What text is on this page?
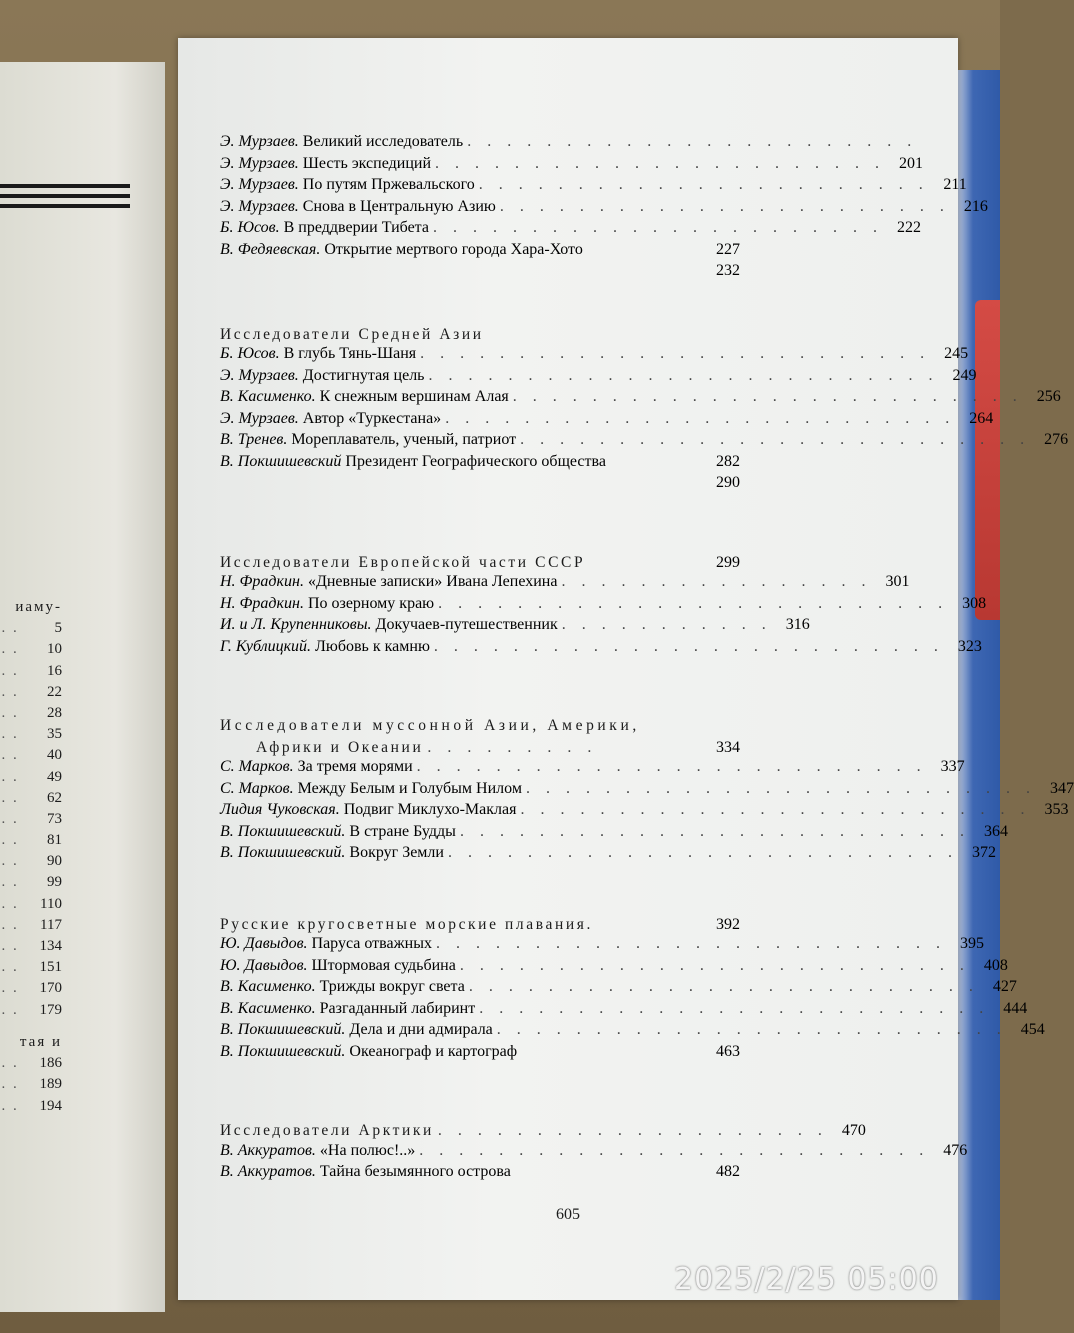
иаму-
. . . 5
. . . 10
. . . 16
. . . 22
. . . 28
. . . 35
. . . 40
. . . 49
. . . 62
. . . 73
. . . 81
. . . 90
. . . 99
. . . 110
. . . 117
. . . 134
. . . 151
. . . 170
. . . 179
тая и
. . . 186
. . . 189
. . . 194
Э. Мурзаев. Великий исследователь . . . . . . . . . . . . . . . . . . . . . . .
Э. Мурзаев. Шесть экспедиций . . . . . . . . . . . . . . . . . . . . . . . 201
Э. Мурзаев. По путям Пржевальского . . . . . . . . . . . . . . . . . . . . . . . 211
Э. Мурзаев. Снова в Центральную Азию . . . . . . . . . . . . . . . . . . . . . . . 216
Б. Юсов. В преддверии Тибета . . . . . . . . . . . . . . . . . . . . . . . 222
В. Федяевская. Открытие мертвого города Хара-Хото	227
232
Исследователи Средней Азии
Б. Юсов. В глубь Тянь-Шаня . . . . . . . . . . . . . . . . . . . . . . . . . . 245
Э. Мурзаев. Достигнутая цель . . . . . . . . . . . . . . . . . . . . . . . . . . 249
В. Касименко. К снежным вершинам Алая . . . . . . . . . . . . . . . . . . . . . . . . . . 256
Э. Мурзаев. Автор «Туркестана» . . . . . . . . . . . . . . . . . . . . . . . . . . 264
В. Тренев. Мореплаватель, ученый, патриот . . . . . . . . . . . . . . . . . . . . . . . . . . 276
В. Покшишевский Президент Географического общества	282
290
Исследователи Европейской части СССР	299
Н. Фрадкин. «Дневные записки» Ивана Лепехина . . . . . . . . . . . . . . . . 301
Н. Фрадкин. По озерному краю . . . . . . . . . . . . . . . . . . . . . . . . . . 308
И. и Л. Крупенниковы. Докучаев-путешественник . . . . . . . . . . . 316
Г. Кублицкий. Любовь к камню . . . . . . . . . . . . . . . . . . . . . . . . . . 323
Исследователи муссонной Азии, Америки,
Африки и Океании . . . . . . . . .	334
С. Марков. За тремя морями . . . . . . . . . . . . . . . . . . . . . . . . . . 337
С. Марков. Между Белым и Голубым Нилом . . . . . . . . . . . . . . . . . . . . . . . . . . 347
Лидия Чуковская. Подвиг Миклухо-Маклая . . . . . . . . . . . . . . . . . . . . . . . . . . 353
В. Покшишевский. В стране Будды . . . . . . . . . . . . . . . . . . . . . . . . . . 364
В. Покшишевский. Вокруг Земли . . . . . . . . . . . . . . . . . . . . . . . . . . 372
Русские кругосветные морские плавания.	392
Ю. Давыдов. Паруса отважных . . . . . . . . . . . . . . . . . . . . . . . . . . 395
Ю. Давыдов. Штормовая судьбина . . . . . . . . . . . . . . . . . . . . . . . . . . 408
В. Касименко. Трижды вокруг света . . . . . . . . . . . . . . . . . . . . . . . . . . 427
В. Касименко. Разгаданный лабиринт . . . . . . . . . . . . . . . . . . . . . . . . . . 444
В. Покшишевский. Дела и дни адмирала . . . . . . . . . . . . . . . . . . . . . . . . . . 454
В. Покшишевский. Океанограф и картограф	463
Исследователи Арктики . . . . . . . . . . . . . . . . . . . . 470
В. Аккуратов. «На полюс!..» . . . . . . . . . . . . . . . . . . . . . . . . . . 476
В. Аккуратов. Тайна безымянного острова	482
605
2025/2/25 05:00
